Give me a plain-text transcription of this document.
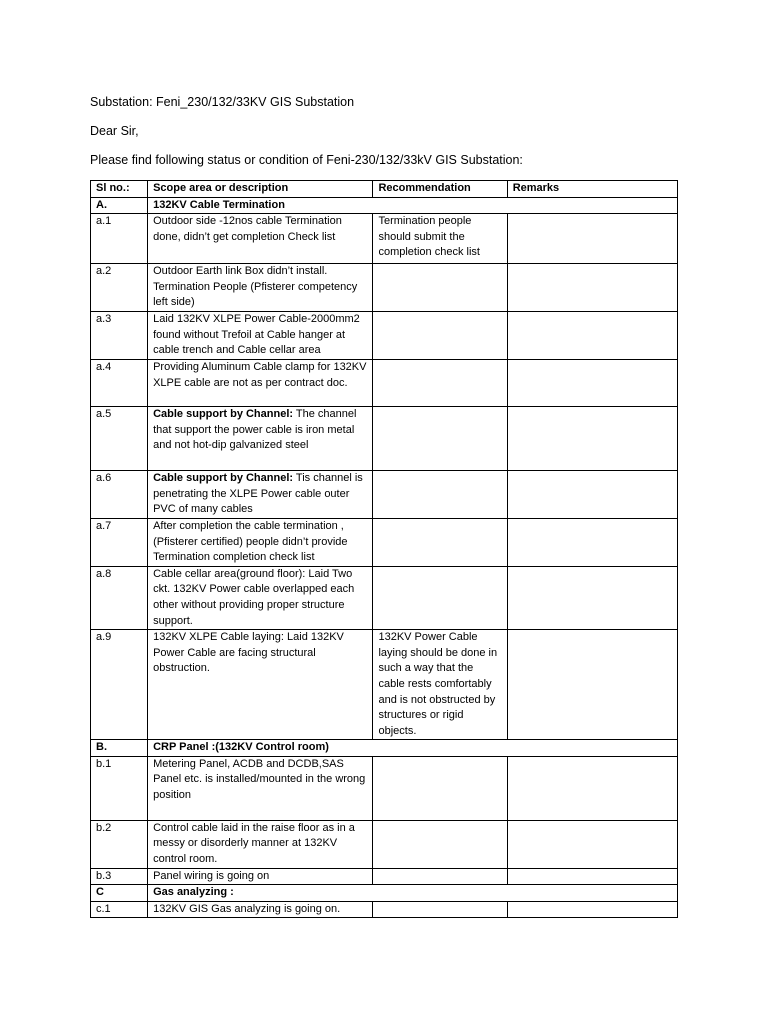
Substation: Feni_230/132/33KV GIS Substation
Dear Sir,
Please find following status or condition of Feni-230/132/33kV GIS Substation:
Sl no.:	Scope area or description	Recommendation	Remarks
A.	132KV Cable Termination		
a.1	Outdoor side -12nos cable Termination done, didn’t get completion Check list	Termination people should submit the completion check list	
a.2	Outdoor Earth link Box didn’t install. Termination People (Pfisterer competency left side)		
a.3	Laid 132KV XLPE Power Cable-2000mm2 found without Trefoil at Cable hanger at cable trench and Cable cellar area		
a.4	Providing Aluminum Cable clamp for 132KV XLPE cable are not as per contract doc.		
a.5	Cable support by Channel: The channel that support the power cable is iron metal and not hot-dip galvanized steel		
a.6	Cable support by Channel: Tis channel is penetrating the XLPE Power cable outer PVC of many cables		
a.7	After completion the cable termination , (Pfisterer certified) people didn’t provide Termination completion check list		
a.8	Cable cellar area(ground floor): Laid Two ckt. 132KV Power cable overlapped each other without providing proper structure support.		
a.9	132KV XLPE Cable laying: Laid 132KV Power Cable are facing structural obstruction.	132KV Power Cable laying should be done in such a way that the cable rests comfortably and is not obstructed by structures or rigid objects.	
B.	CRP Panel :(132KV Control room)		
b.1	Metering Panel, ACDB and DCDB,SAS Panel etc. is installed/mounted in the wrong position		
b.2	Control cable laid in the raise floor as in a messy or disorderly manner at 132KV control room.		
b.3	Panel wiring is going on		
C	Gas analyzing :		
c.1	132KV GIS Gas analyzing is going on.		
